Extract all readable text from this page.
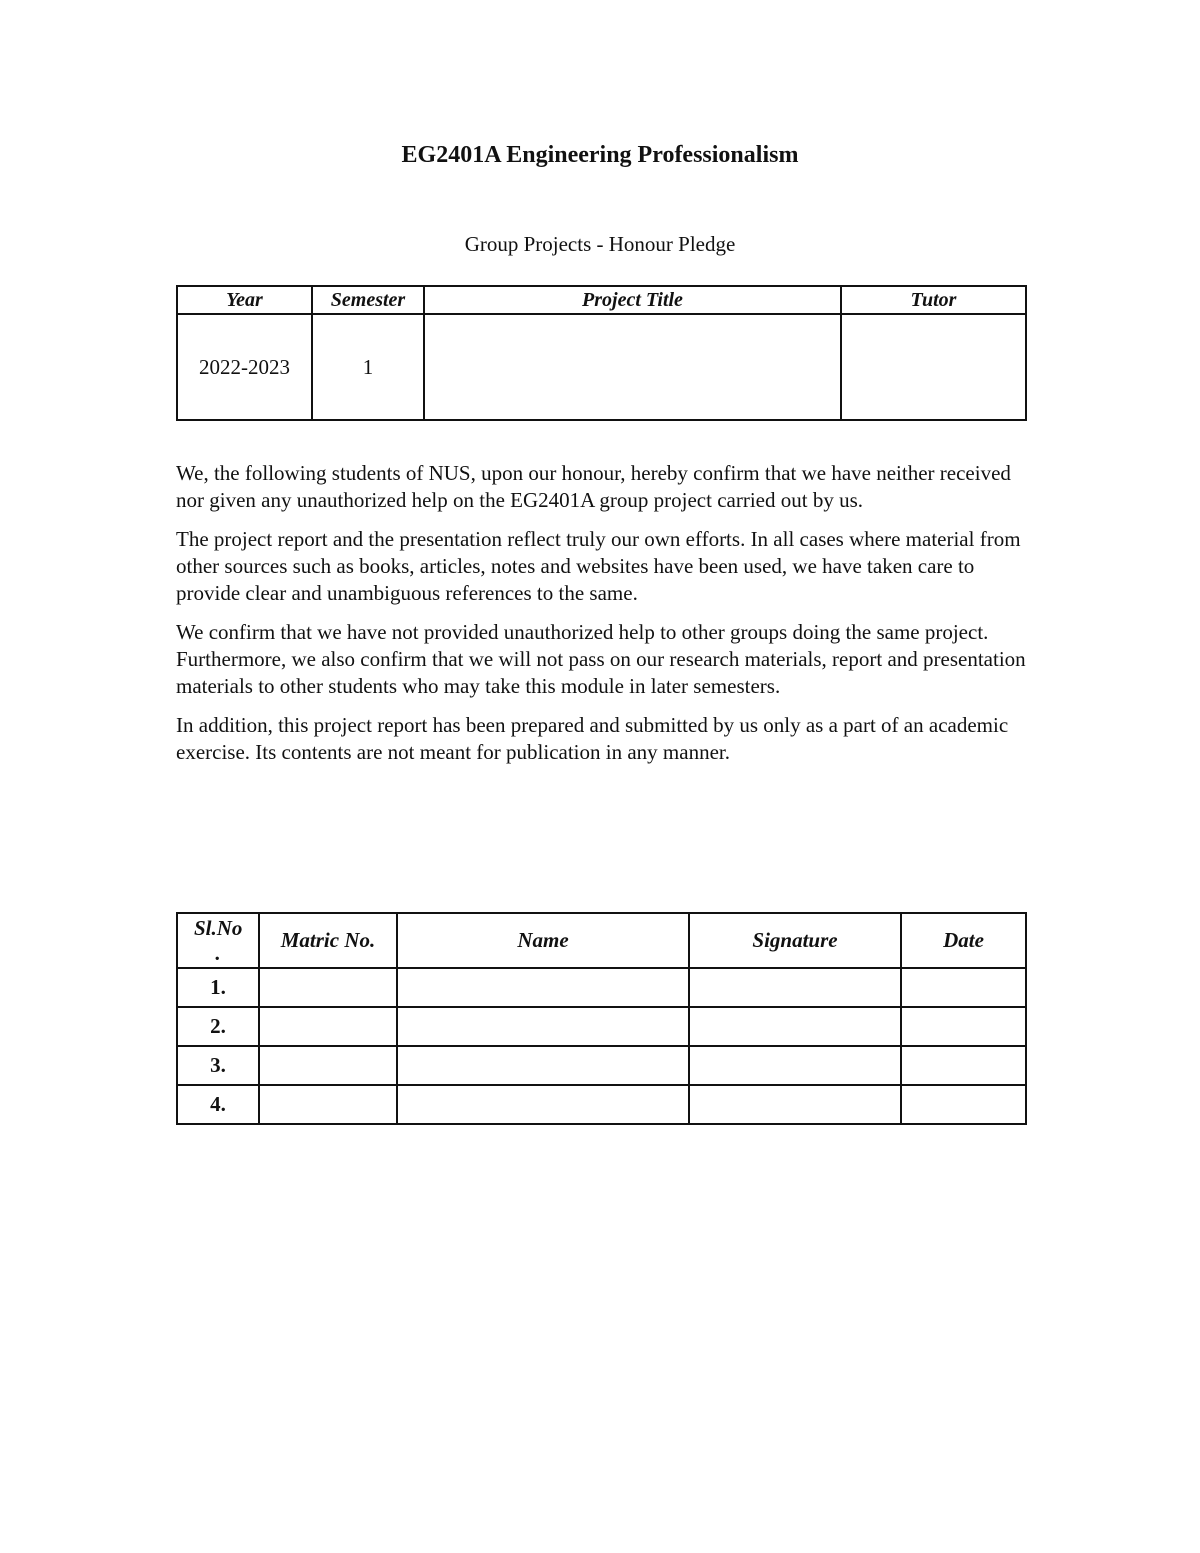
EG2401A Engineering Professionalism
Group Projects - Honour Pledge
Year	Semester	Project Title	Tutor
2022-2023	1		

We, the following students of NUS, upon our honour, hereby confirm that we have neither received nor given any unauthorized help on the EG2401A group project carried out by us.

The project report and the presentation reflect truly our own efforts. In all cases where material from other sources such as books, articles, notes and websites have been used, we have taken care to provide clear and unambiguous references to the same.

We confirm that we have not provided unauthorized help to other groups doing the same project. Furthermore, we also confirm that we will not pass on our research materials, report and presentation materials to other students who may take this module in later semesters.

In addition, this project report has been prepared and submitted by us only as a part of an academic exercise. Its contents are not meant for publication in any manner.

Sl.No .	Matric No.	Name	Signature	Date
1.				
2.				
3.				
4.				
